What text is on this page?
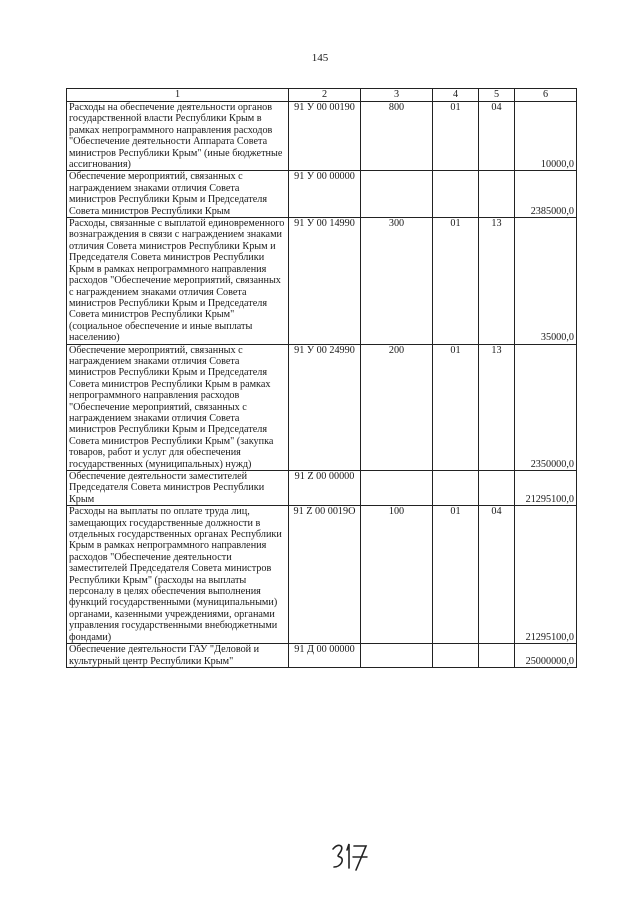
145
1	2	3	4	5	6
Расходы на обеспечение деятельности органов государственной власти Республики Крым в рамках непрограммного направления расходов "Обеспечение деятельности Аппарата Совета министров Республики Крым" (иные бюджетные ассигнования)	91 У 00 00190	800	01	04	10000,0
Обеспечение мероприятий, связанных с награждением знаками отличия Совета министров Республики Крым и Председателя Совета министров Республики Крым	91 У 00 00000				2385000,0
Расходы, связанные с выплатой единовременного вознаграждения в связи с награждением знаками отличия Совета министров Республики Крым и Председателя Совета министров Республики Крым в рамках непрограммного направления расходов "Обеспечение мероприятий, связанных с награждением знаками отличия Совета министров Республики Крым и Председателя Совета министров Республики Крым" (социальное обеспечение и иные выплаты населению)	91 У 00 14990	300	01	13	35000,0
Обеспечение мероприятий, связанных с награждением знаками отличия Совета министров Республики Крым и Председателя Совета министров Республики Крым в рамках непрограммного направления расходов "Обеспечение мероприятий, связанных с награждением знаками отличия Совета министров Республики Крым и Председателя Совета министров Республики Крым" (закупка товаров, работ и услуг для обеспечения государственных (муниципальных) нужд)	91 У 00 24990	200	01	13	2350000,0
Обеспечение деятельности заместителей Председателя Совета министров Республики Крым	91 Z 00 00000				21295100,0
Расходы на выплаты по оплате труда лиц, замещающих государственные должности в отдельных государственных органах Республики Крым в рамках непрограммного направления расходов "Обеспечение деятельности заместителей Председателя Совета министров Республики Крым" (расходы на выплаты персоналу в целях обеспечения выполнения функций государственными (муниципальными) органами, казенными учреждениями, органами управления государственными внебюджетными фондами)	91 Z 00 0019О	100	01	04	21295100,0
Обеспечение деятельности ГАУ "Деловой и культурный центр Республики Крым"	91 Д 00 00000				25000000,0
